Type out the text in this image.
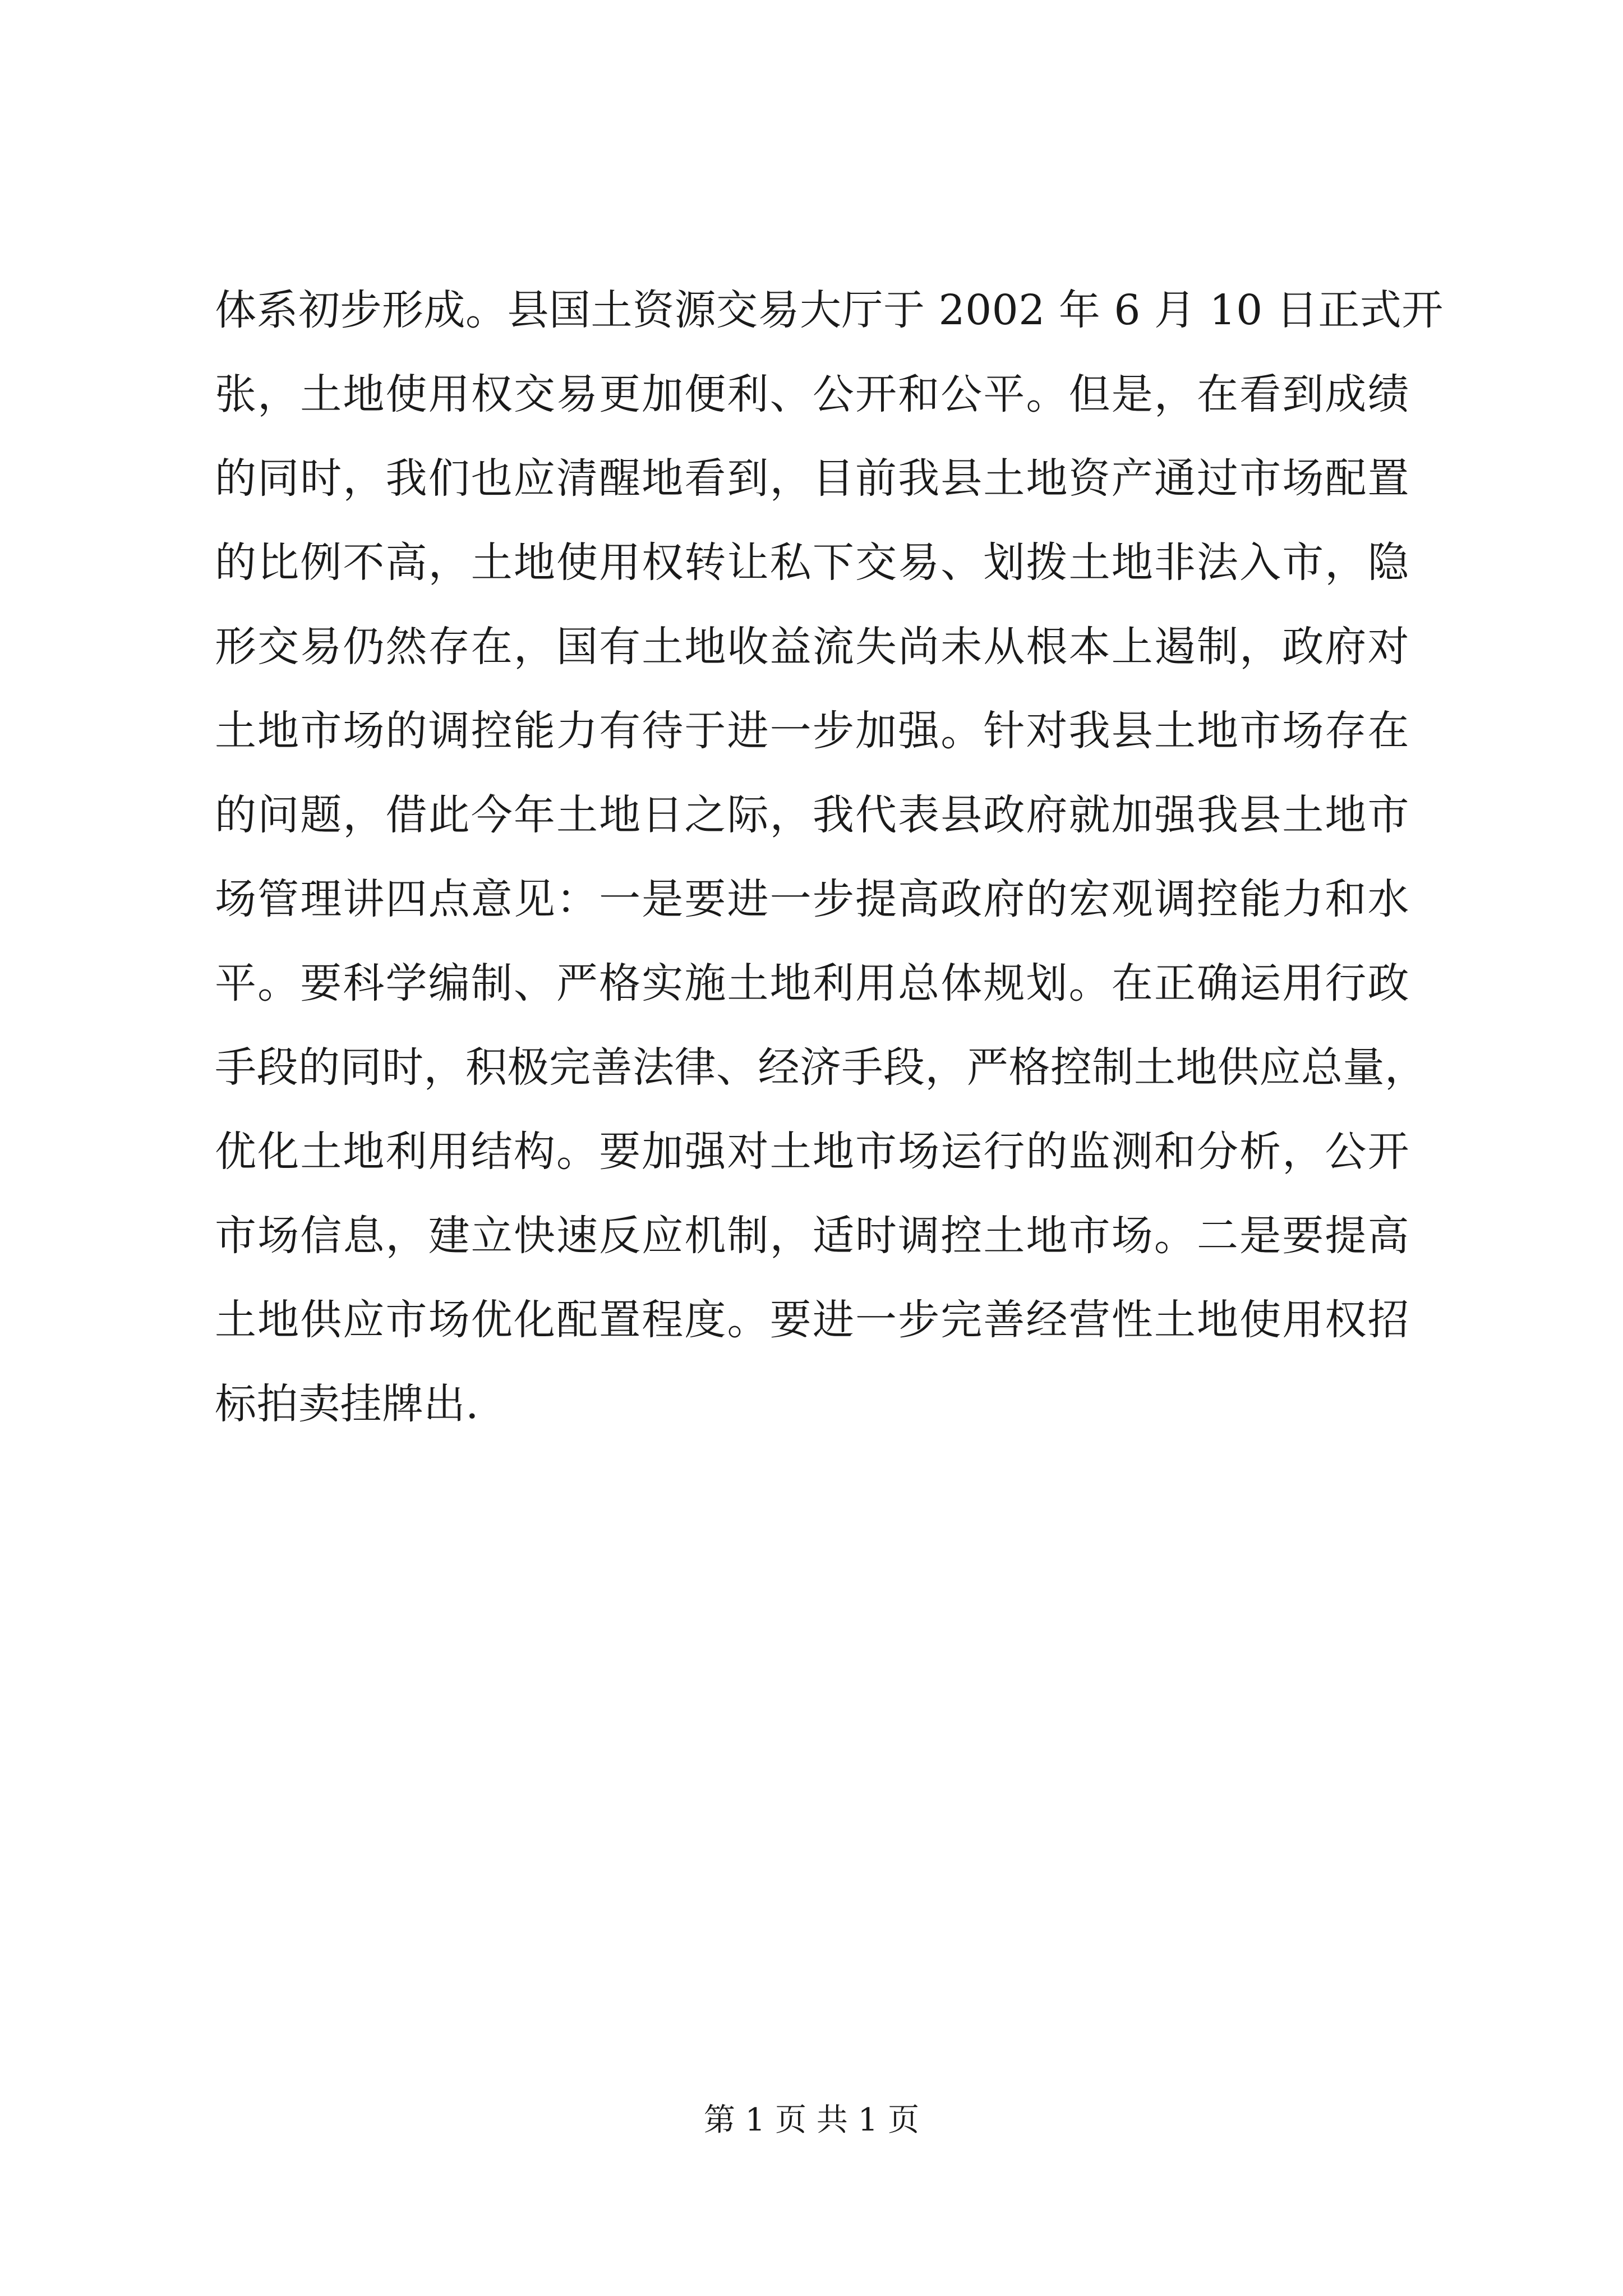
体系初步形成。县国土资源交易大厅于 2002 年 6 月 10 日正式开
张，土地使用权交易更加便利、公开和公平。但是，在看到成绩
的同时，我们也应清醒地看到，目前我县土地资产通过市场配置
的比例不高，土地使用权转让私下交易、划拨土地非法入市，隐
形交易仍然存在，国有土地收益流失尚未从根本上遏制，政府对
土地市场的调控能力有待于进一步加强。针对我县土地市场存在
的问题，借此今年土地日之际，我代表县政府就加强我县土地市
场管理讲四点意见：一是要进一步提高政府的宏观调控能力和水
平。要科学编制、严格实施土地利用总体规划。在正确运用行政
手段的同时，积极完善法律、经济手段，严格控制土地供应总量，
优化土地利用结构。要加强对土地市场运行的监测和分析，公开
市场信息，建立快速反应机制，适时调控土地市场。二是要提高
土地供应市场优化配置程度。要进一步完善经营性土地使用权招
标拍卖挂牌出.
第 1 页 共 1 页
